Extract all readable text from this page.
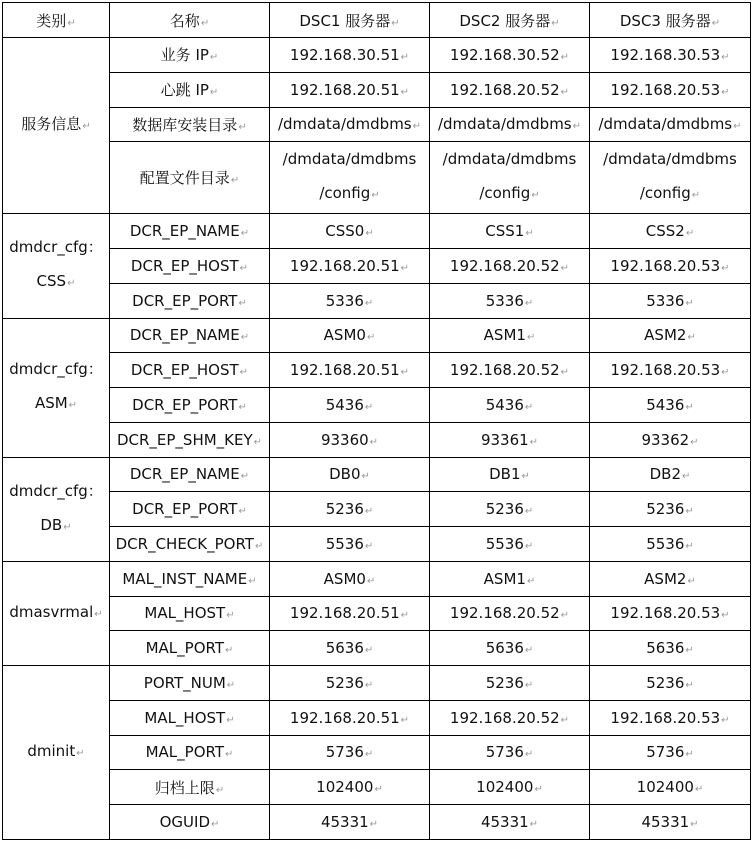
类别↵	名称↵	DSC1 服务器↵	DSC2 服务器↵	DSC3 服务器↵
服务信息↵	业务 IP↵	192.168.30.51↵	192.168.30.52↵	192.168.30.53↵
	心跳 IP↵	192.168.20.51↵	192.168.20.52↵	192.168.20.53↵
	数据库安装目录↵	/dmdata/dmdbms↵	/dmdata/dmdbms↵	/dmdata/dmdbms↵
	配置文件目录↵	/dmdata/dmdbms /config↵	/dmdata/dmdbms /config↵	/dmdata/dmdbms /config↵
dmdcr_cfg：CSS↵	DCR_EP_NAME↵	CSS0↵	CSS1↵	CSS2↵
	DCR_EP_HOST↵	192.168.20.51↵	192.168.20.52↵	192.168.20.53↵
	DCR_EP_PORT↵	5336↵	5336↵	5336↵
dmdcr_cfg：ASM↵	DCR_EP_NAME↵	ASM0↵	ASM1↵	ASM2↵
	DCR_EP_HOST↵	192.168.20.51↵	192.168.20.52↵	192.168.20.53↵
	DCR_EP_PORT↵	5436↵	5436↵	5436↵
	DCR_EP_SHM_KEY↵	93360↵	93361↵	93362↵
dmdcr_cfg：DB↵	DCR_EP_NAME↵	DB0↵	DB1↵	DB2↵
	DCR_EP_PORT↵	5236↵	5236↵	5236↵
	DCR_CHECK_PORT↵	5536↵	5536↵	5536↵
dmasvrmal↵	MAL_INST_NAME↵	ASM0↵	ASM1↵	ASM2↵
	MAL_HOST↵	192.168.20.51↵	192.168.20.52↵	192.168.20.53↵
	MAL_PORT↵	5636↵	5636↵	5636↵
dminit↵	PORT_NUM↵	5236↵	5236↵	5236↵
	MAL_HOST↵	192.168.20.51↵	192.168.20.52↵	192.168.20.53↵
	MAL_PORT↵	5736↵	5736↵	5736↵
	归档上限↵	102400↵	102400↵	102400↵
	OGUID↵	45331↵	45331↵	45331↵
